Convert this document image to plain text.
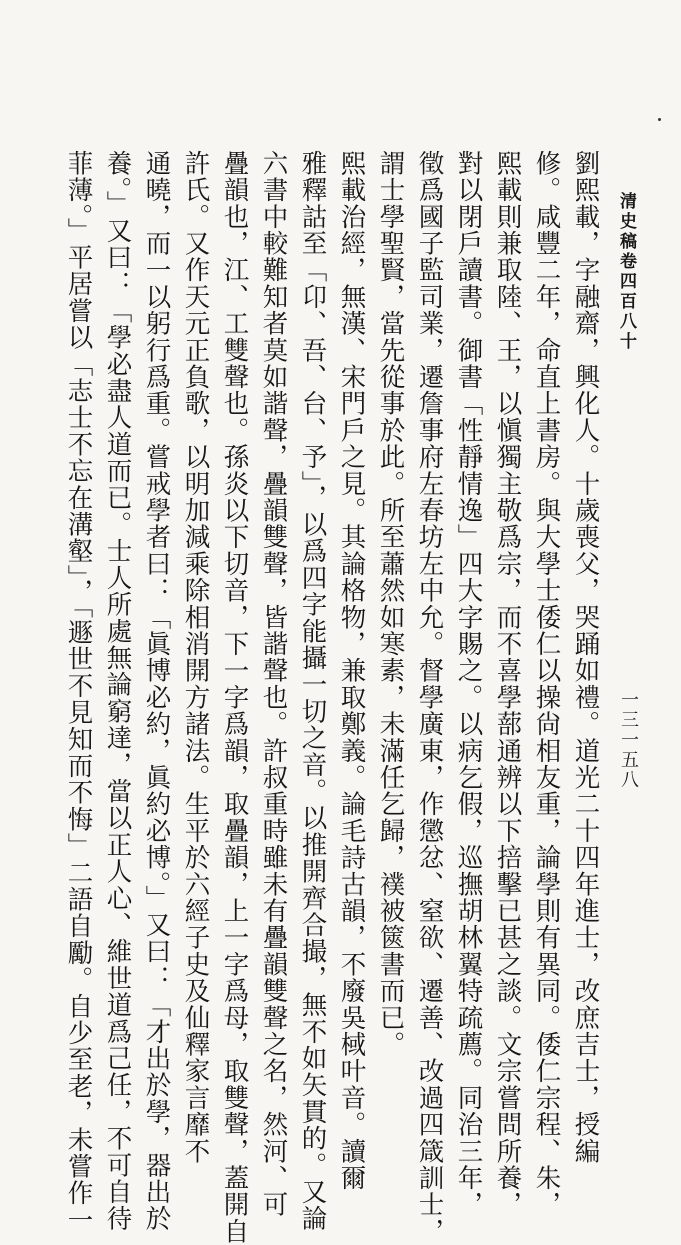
清史稿卷四百八十
一三一五八
劉熙載，字融齋，興化人。十歲喪父，哭踊如禮。道光二十四年進士，改庶吉士，授編
修。咸豐二年，命直上書房。與大學士倭仁以操尙相友重，論學則有異同。倭仁宗程、朱，
熙載則兼取陸、王，以愼獨主敬爲宗，而不喜學蔀通辨以下掊擊已甚之談。文宗嘗問所養，
對以閉戶讀書。御書「性靜情逸」四大字賜之。以病乞假，巡撫胡林翼特疏薦。同治三年，
徵爲國子監司業，遷詹事府左春坊左中允。督學廣東，作懲忿、窒欲、遷善、改過四箴訓士，
謂士學聖賢，當先從事於此。所至蕭然如寒素，未滿任乞歸，襆被篋書而已。
熙載治經，無漢、宋門戶之見。其論格物，兼取鄭義。論毛詩古韻，不廢吳棫叶音。讀爾
雅釋詁至「卬、吾、台、予」，以爲四字能攝一切之音。以推開齊合撮，無不如矢貫的。又論
六書中較難知者莫如諧聲，疊韻雙聲，皆諧聲也。許叔重時雖未有疊韻雙聲之名，然河、可
疊韻也，江、工雙聲也。孫炎以下切音，下一字爲韻，取疊韻，上一字爲母，取雙聲，蓋開自
許氏。又作天元正負歌，以明加減乘除相消開方諸法。生平於六經子史及仙釋家言靡不
通曉，而一以躬行爲重。嘗戒學者曰：「眞博必約，眞約必博。」又曰：「才出於學，器出於
養。」又曰：「學必盡人道而已。士人所處無論窮達，當以正人心、維世道爲己任，不可自待
菲薄。」平居嘗以「志士不忘在溝壑」，「遯世不見知而不悔」二語自勵。自少至老，未嘗作一
